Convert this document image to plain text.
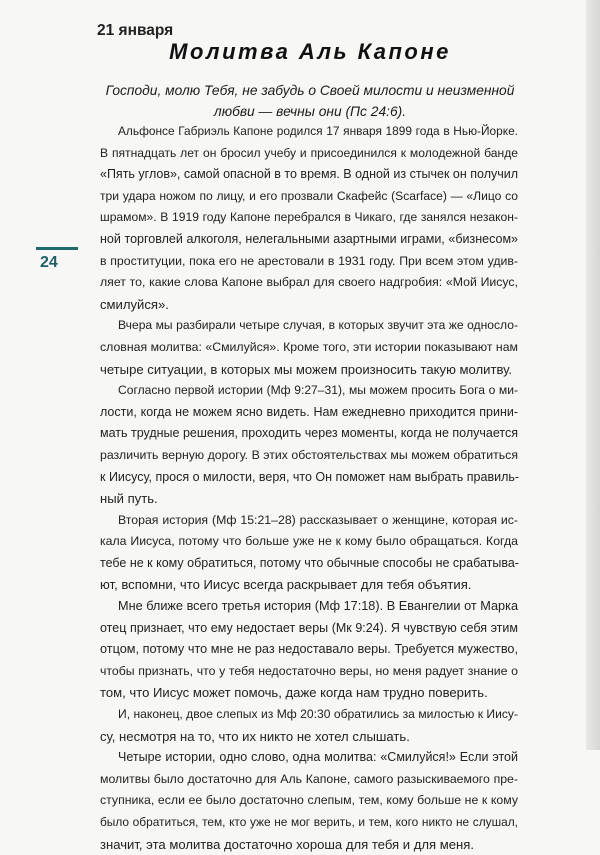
21 января
Молитва Аль Капоне
Господи, молю Тебя, не забудь о Своей милости и неизменной
любви — вечны они (Пс 24:6).
24
Альфонсе Габриэль Капоне родился 17 января 1899 года в Нью-Йорке.
В пятнадцать лет он бросил учебу и присоединился к молодежной банде
«Пять углов», самой опасной в то время. В одной из стычек он получил
три удара ножом по лицу, и его прозвали Скафейс (Scarface) — «Лицо со
шрамом». В 1919 году Капоне перебрался в Чикаго, где занялся незакон-
ной торговлей алкоголя, нелегальными азартными играми, «бизнесом»
в проституции, пока его не арестовали в 1931 году. При всем этом удив-
ляет то, какие слова Капоне выбрал для своего надгробия: «Мой Иисус,
смилуйся».
Вчера мы разбирали четыре случая, в которых звучит эта же односло-
словная молитва: «Смилуйся». Кроме того, эти истории показывают нам
четыре ситуации, в которых мы можем произносить такую молитву.
Согласно первой истории (Мф 9:27–31), мы можем просить Бога о ми-
лости, когда не можем ясно видеть. Нам ежедневно приходится прини-
мать трудные решения, проходить через моменты, когда не получается
различить верную дорогу. В этих обстоятельствах мы можем обратиться
к Иисусу, прося о милости, веря, что Он поможет нам выбрать правиль-
ный путь.
Вторая история (Мф 15:21–28) рассказывает о женщине, которая ис-
кала Иисуса, потому что больше уже не к кому было обращаться. Когда
тебе не к кому обратиться, потому что обычные способы не срабатыва-
ют, вспомни, что Иисус всегда раскрывает для тебя объятия.
Мне ближе всего третья история (Мф 17:18). В Евангелии от Марка
отец признает, что ему недостает веры (Мк 9:24). Я чувствую себя этим
отцом, потому что мне не раз недоставало веры. Требуется мужество,
чтобы признать, что у тебя недостаточно веры, но меня радует знание о
том, что Иисус может помочь, даже когда нам трудно поверить.
И, наконец, двое слепых из Мф 20:30 обратились за милостью к Иису-
су, несмотря на то, что их никто не хотел слышать.
Четыре истории, одно слово, одна молитва: «Смилуйся!» Если этой
молитвы было достаточно для Аль Капоне, самого разыскиваемого пре-
ступника, если ее было достаточно слепым, тем, кому больше не к кому
было обратиться, тем, кто уже не мог верить, и тем, кого никто не слушал,
значит, эта молитва достаточно хороша для тебя и для меня.
